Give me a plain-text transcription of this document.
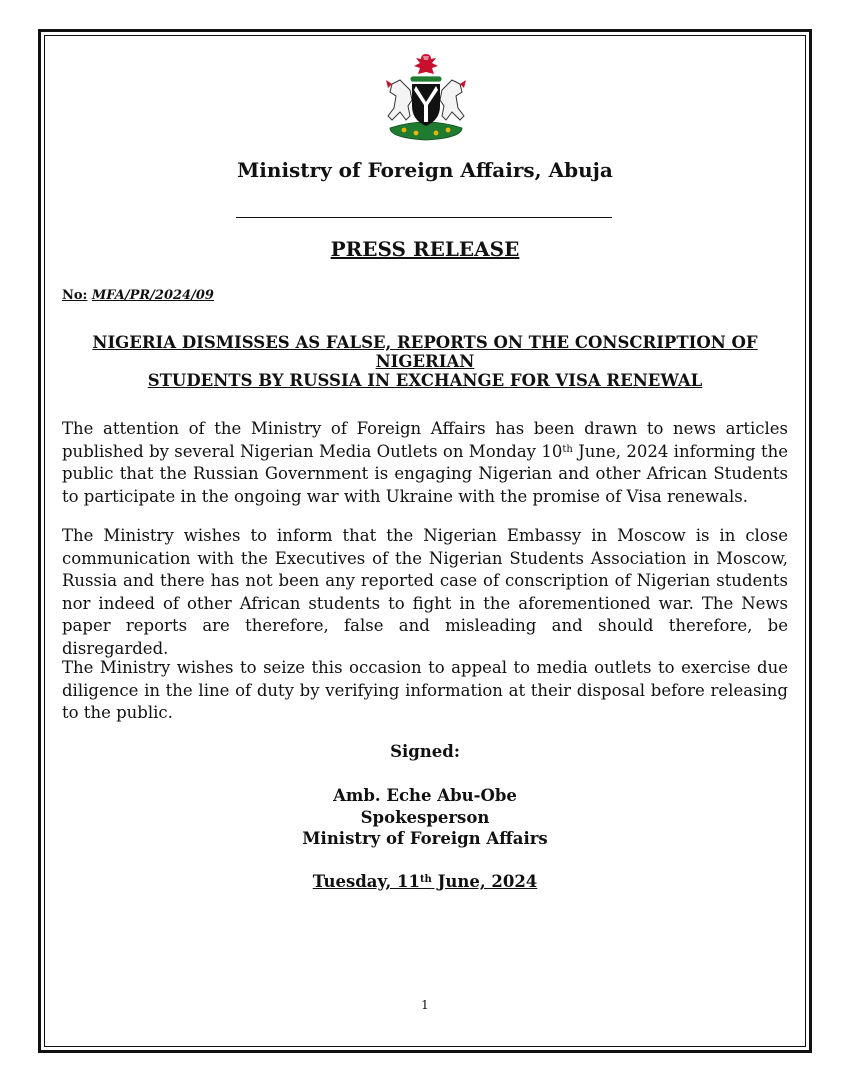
Ministry of Foreign Affairs, Abuja
PRESS RELEASE
No: MFA/PR/2024/09
NIGERIA DISMISSES AS FALSE, REPORTS ON THE CONSCRIPTION OF NIGERIAN
STUDENTS BY RUSSIA IN EXCHANGE FOR VISA RENEWAL

The attention of the Ministry of Foreign Affairs has been drawn to news articles published by several Nigerian Media Outlets on Monday 10th June, 2024 informing the public that the Russian Government is engaging Nigerian and other African Students to participate in the ongoing war with Ukraine with the promise of Visa renewals.

The Ministry wishes to inform that the Nigerian Embassy in Moscow is in close communication with the Executives of the Nigerian Students Association in Moscow, Russia and there has not been any reported case of conscription of Nigerian students nor indeed of other African students to fight in the aforementioned war. The News paper reports are therefore, false and misleading and should therefore, be disregarded.

The Ministry wishes to seize this occasion to appeal to media outlets to exercise due diligence in the line of duty by verifying information at their disposal before releasing to the public.

Signed:
Amb. Eche Abu-Obe
Spokesperson
Ministry of Foreign Affairs
Tuesday, 11th June, 2024
1
